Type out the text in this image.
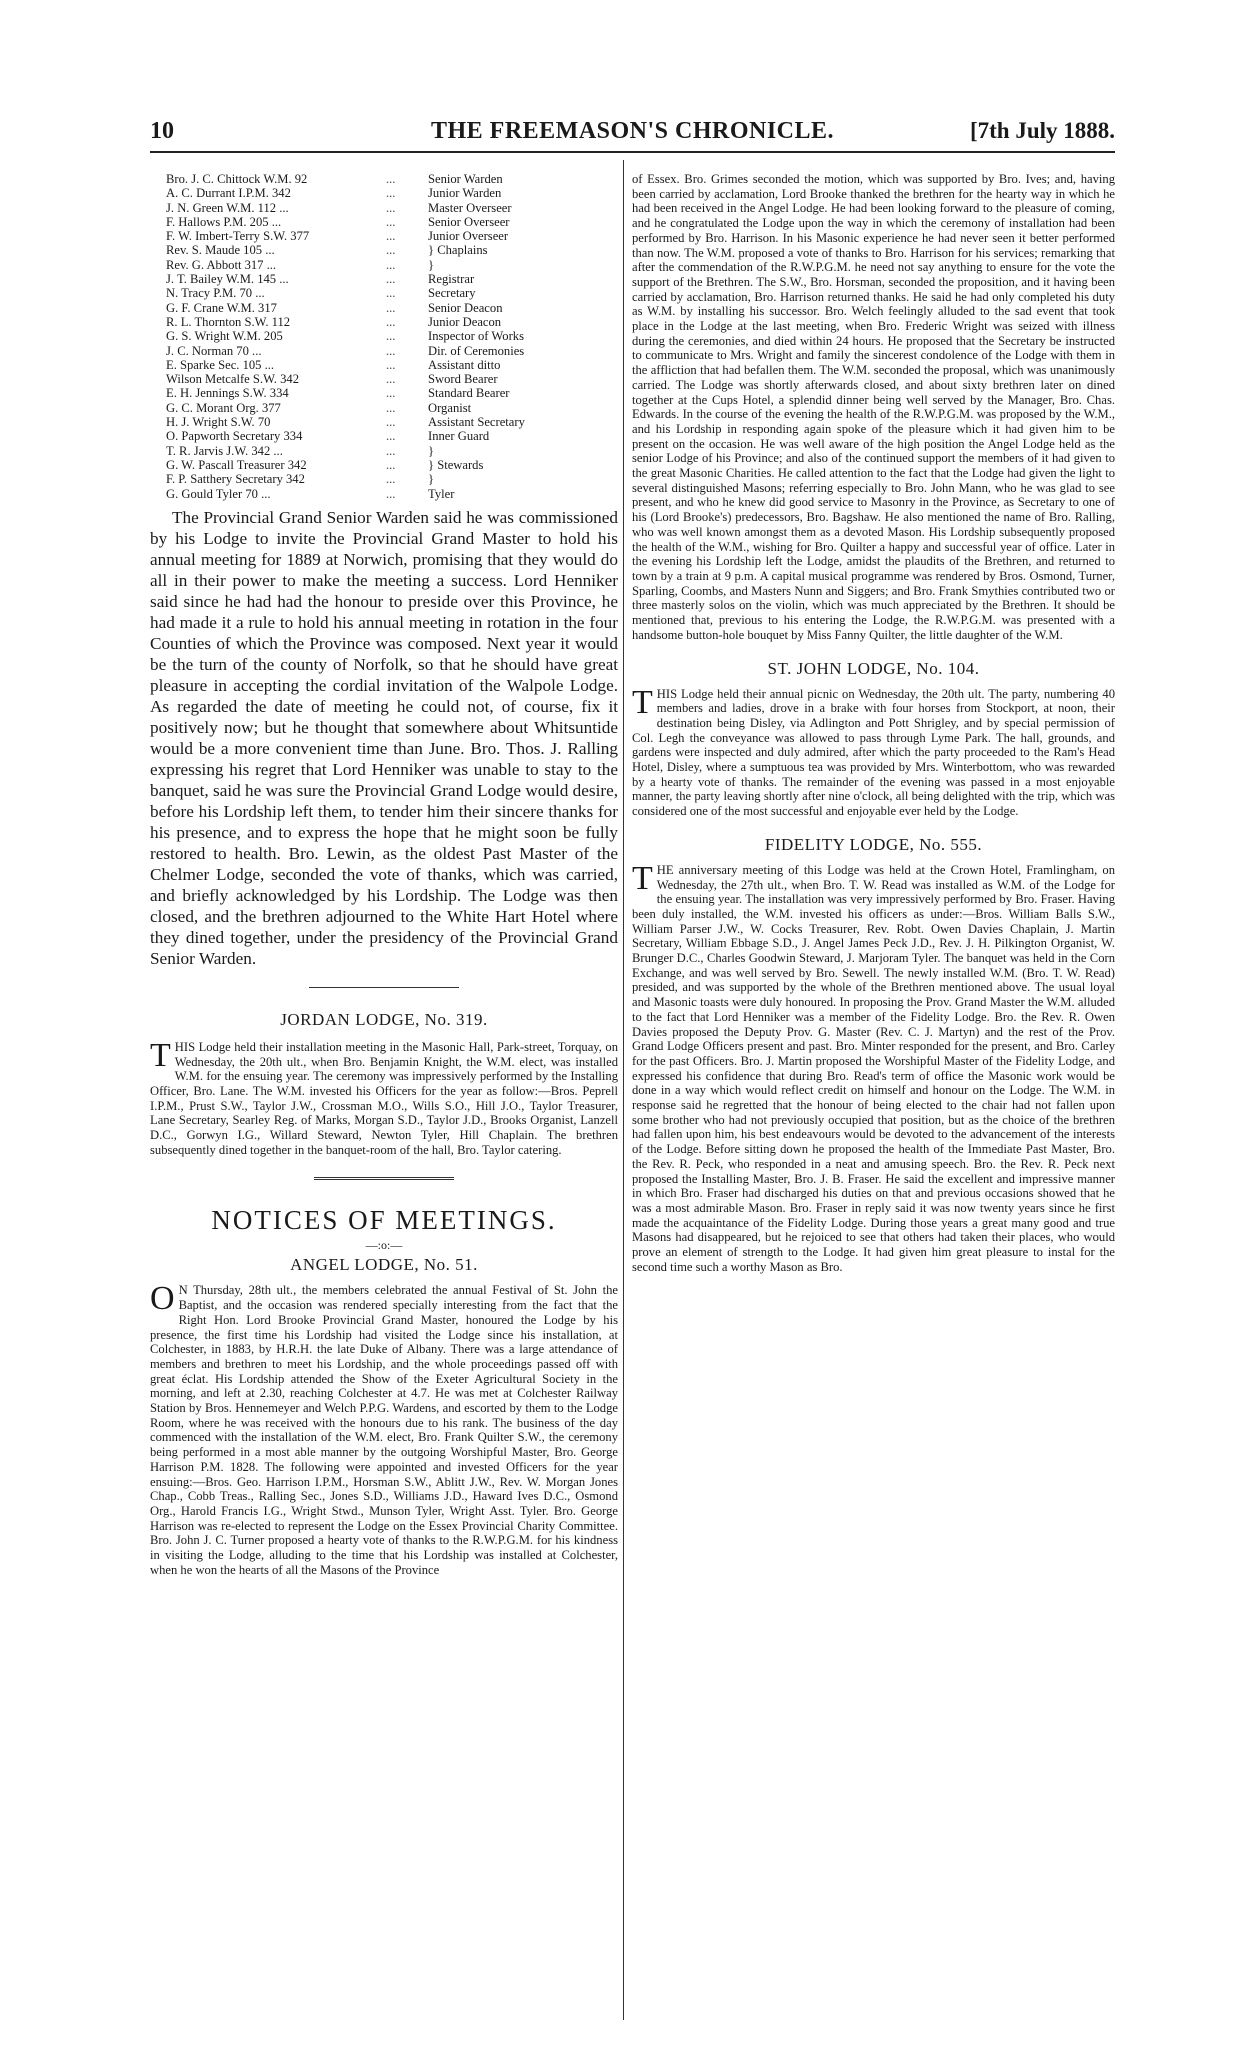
10	THE FREEMASON'S CHRONICLE.	[7th July 1888.
Bro. J. C. Chittock W.M. 92	...	Senior Warden
A. C. Durrant I.P.M. 342	...	Junior Warden
J. N. Green W.M. 112 ...	...	Master Overseer
F. Hallows P.M. 205 ...	...	Senior Overseer
F. W. Imbert-Terry S.W. 377	...	Junior Overseer
Rev. S. Maude 105 ...	...	} Chaplains
Rev. G. Abbott 317 ...	...	}
J. T. Bailey W.M. 145 ...	...	Registrar
N. Tracy P.M. 70 ...	...	Secretary
G. F. Crane W.M. 317	...	Senior Deacon
R. L. Thornton S.W. 112	...	Junior Deacon
G. S. Wright W.M. 205	...	Inspector of Works
J. C. Norman 70 ...	...	Dir. of Ceremonies
E. Sparke Sec. 105 ...	...	Assistant ditto
Wilson Metcalfe S.W. 342	...	Sword Bearer
E. H. Jennings S.W. 334	...	Standard Bearer
G. C. Morant Org. 377	...	Organist
H. J. Wright S.W. 70	...	Assistant Secretary
O. Papworth Secretary 334	...	Inner Guard
T. R. Jarvis J.W. 342 ...	...	}
G. W. Pascall Treasurer 342	...	} Stewards
F. P. Satthery Secretary 342	...	}
G. Gould Tyler 70 ...	...	Tyler

The Provincial Grand Senior Warden said he was commissioned by his Lodge to invite the Provincial Grand Master to hold his annual meeting for 1889 at Norwich, promising that they would do all in their power to make the meeting a success. Lord Henniker said since he had had the honour to preside over this Province, he had made it a rule to hold his annual meeting in rotation in the four Counties of which the Province was composed. Next year it would be the turn of the county of Norfolk, so that he should have great pleasure in accepting the cordial invitation of the Walpole Lodge. As regarded the date of meeting he could not, of course, fix it positively now; but he thought that somewhere about Whitsuntide would be a more convenient time than June. Bro. Thos. J. Ralling expressing his regret that Lord Henniker was unable to stay to the banquet, said he was sure the Provincial Grand Lodge would desire, before his Lordship left them, to tender him their sincere thanks for his presence, and to express the hope that he might soon be fully restored to health. Bro. Lewin, as the oldest Past Master of the Chelmer Lodge, seconded the vote of thanks, which was carried, and briefly acknowledged by his Lordship. The Lodge was then closed, and the brethren adjourned to the White Hart Hotel where they dined together, under the presidency of the Provincial Grand Senior Warden.

JORDAN LODGE, No. 319.

THIS Lodge held their installation meeting in the Masonic Hall, Park-street, Torquay, on Wednesday, the 20th ult., when Bro. Benjamin Knight, the W.M. elect, was installed W.M. for the ensuing year. The ceremony was impressively performed by the Installing Officer, Bro. Lane. The W.M. invested his Officers for the year as follow:—Bros. Peprell I.P.M., Prust S.W., Taylor J.W., Crossman M.O., Wills S.O., Hill J.O., Taylor Treasurer, Lane Secretary, Searley Reg. of Marks, Morgan S.D., Taylor J.D., Brooks Organist, Lanzell D.C., Gorwyn I.G., Willard Steward, Newton Tyler, Hill Chaplain. The brethren subsequently dined together in the banquet-room of the hall, Bro. Taylor catering.

NOTICES OF MEETINGS.
—:o:—
ANGEL LODGE, No. 51.

O N Thursday, 28th ult., the members celebrated the annual Festival of St. John the Baptist, and the occasion was rendered specially interesting from the fact that the Right Hon. Lord Brooke Provincial Grand Master, honoured the Lodge by his presence, the first time his Lordship had visited the Lodge since his installation, at Colchester, in 1883, by H.R.H. the late Duke of Albany. There was a large attendance of members and brethren to meet his Lordship, and the whole proceedings passed off with great éclat. His Lordship attended the Show of the Exeter Agricultural Society in the morning, and left at 2.30, reaching Colchester at 4.7. He was met at Colchester Railway Station by Bros. Hennemeyer and Welch P.P.G. Wardens, and escorted by them to the Lodge Room, where he was received with the honours due to his rank. The business of the day commenced with the installation of the W.M. elect, Bro. Frank Quilter S.W., the ceremony being performed in a most able manner by the outgoing Worshipful Master, Bro. George Harrison P.M. 1828. The following were appointed and invested Officers for the year ensuing:—Bros. Geo. Harrison I.P.M., Horsman S.W., Ablitt J.W., Rev. W. Morgan Jones Chap., Cobb Treas., Ralling Sec., Jones S.D., Williams J.D., Haward Ives D.C., Osmond Org., Harold Francis I.G., Wright Stwd., Munson Tyler, Wright Asst. Tyler. Bro. George Harrison was re-elected to represent the Lodge on the Essex Provincial Charity Committee. Bro. John J. C. Turner proposed a hearty vote of thanks to the R.W.P.G.M. for his kindness in visiting the Lodge, alluding to the time that his Lordship was installed at Colchester, when he won the hearts of all the Masons of the Province

of Essex. Bro. Grimes seconded the motion, which was supported by Bro. Ives; and, having been carried by acclamation, Lord Brooke thanked the brethren for the hearty way in which he had been received in the Angel Lodge. He had been looking forward to the pleasure of coming, and he congratulated the Lodge upon the way in which the ceremony of installation had been performed by Bro. Harrison. In his Masonic experience he had never seen it better performed than now. The W.M. proposed a vote of thanks to Bro. Harrison for his services; remarking that after the commendation of the R.W.P.G.M. he need not say anything to ensure for the vote the support of the Brethren. The S.W., Bro. Horsman, seconded the proposition, and it having been carried by acclamation, Bro. Harrison returned thanks. He said he had only completed his duty as W.M. by installing his successor. Bro. Welch feelingly alluded to the sad event that took place in the Lodge at the last meeting, when Bro. Frederic Wright was seized with illness during the ceremonies, and died within 24 hours. He proposed that the Secretary be instructed to communicate to Mrs. Wright and family the sincerest condolence of the Lodge with them in the affliction that had befallen them. The W.M. seconded the proposal, which was unanimously carried. The Lodge was shortly afterwards closed, and about sixty brethren later on dined together at the Cups Hotel, a splendid dinner being well served by the Manager, Bro. Chas. Edwards. In the course of the evening the health of the R.W.P.G.M. was proposed by the W.M., and his Lordship in responding again spoke of the pleasure which it had given him to be present on the occasion. He was well aware of the high position the Angel Lodge held as the senior Lodge of his Province; and also of the continued support the members of it had given to the great Masonic Charities. He called attention to the fact that the Lodge had given the light to several distinguished Masons; referring especially to Bro. John Mann, who he was glad to see present, and who he knew did good service to Masonry in the Province, as Secretary to one of his (Lord Brooke's) predecessors, Bro. Bagshaw. He also mentioned the name of Bro. Ralling, who was well known amongst them as a devoted Mason. His Lordship subsequently proposed the health of the W.M., wishing for Bro. Quilter a happy and successful year of office. Later in the evening his Lordship left the Lodge, amidst the plaudits of the Brethren, and returned to town by a train at 9 p.m. A capital musical programme was rendered by Bros. Osmond, Turner, Sparling, Coombs, and Masters Nunn and Siggers; and Bro. Frank Smythies contributed two or three masterly solos on the violin, which was much appreciated by the Brethren. It should be mentioned that, previous to his entering the Lodge, the R.W.P.G.M. was presented with a handsome button-hole bouquet by Miss Fanny Quilter, the little daughter of the W.M.

ST. JOHN LODGE, No. 104.

THIS Lodge held their annual picnic on Wednesday, the 20th ult. The party, numbering 40 members and ladies, drove in a brake with four horses from Stockport, at noon, their destination being Disley, via Adlington and Pott Shrigley, and by special permission of Col. Legh the conveyance was allowed to pass through Lyme Park. The hall, grounds, and gardens were inspected and duly admired, after which the party proceeded to the Ram's Head Hotel, Disley, where a sumptuous tea was provided by Mrs. Winterbottom, who was rewarded by a hearty vote of thanks. The remainder of the evening was passed in a most enjoyable manner, the party leaving shortly after nine o'clock, all being delighted with the trip, which was considered one of the most successful and enjoyable ever held by the Lodge.

FIDELITY LODGE, No. 555.

THE anniversary meeting of this Lodge was held at the Crown Hotel, Framlingham, on Wednesday, the 27th ult., when Bro. T. W. Read was installed as W.M. of the Lodge for the ensuing year. The installation was very impressively performed by Bro. Fraser. Having been duly installed, the W.M. invested his officers as under:—Bros. William Balls S.W., William Parser J.W., W. Cocks Treasurer, Rev. Robt. Owen Davies Chaplain, J. Martin Secretary, William Ebbage S.D., J. Angel James Peck J.D., Rev. J. H. Pilkington Organist, W. Brunger D.C., Charles Goodwin Steward, J. Marjoram Tyler. The banquet was held in the Corn Exchange, and was well served by Bro. Sewell. The newly installed W.M. (Bro. T. W. Read) presided, and was supported by the whole of the Brethren mentioned above. The usual loyal and Masonic toasts were duly honoured. In proposing the Prov. Grand Master the W.M. alluded to the fact that Lord Henniker was a member of the Fidelity Lodge. Bro. the Rev. R. Owen Davies proposed the Deputy Prov. G. Master (Rev. C. J. Martyn) and the rest of the Prov. Grand Lodge Officers present and past. Bro. Minter responded for the present, and Bro. Carley for the past Officers. Bro. J. Martin proposed the Worshipful Master of the Fidelity Lodge, and expressed his confidence that during Bro. Read's term of office the Masonic work would be done in a way which would reflect credit on himself and honour on the Lodge. The W.M. in response said he regretted that the honour of being elected to the chair had not fallen upon some brother who had not previously occupied that position, but as the choice of the brethren had fallen upon him, his best endeavours would be devoted to the advancement of the interests of the Lodge. Before sitting down he proposed the health of the Immediate Past Master, Bro. the Rev. R. Peck, who responded in a neat and amusing speech. Bro. the Rev. R. Peck next proposed the Installing Master, Bro. J. B. Fraser. He said the excellent and impressive manner in which Bro. Fraser had discharged his duties on that and previous occasions showed that he was a most admirable Mason. Bro. Fraser in reply said it was now twenty years since he first made the acquaintance of the Fidelity Lodge. During those years a great many good and true Masons had disappeared, but he rejoiced to see that others had taken their places, who would prove an element of strength to the Lodge. It had given him great pleasure to instal for the second time such a worthy Mason as Bro.
